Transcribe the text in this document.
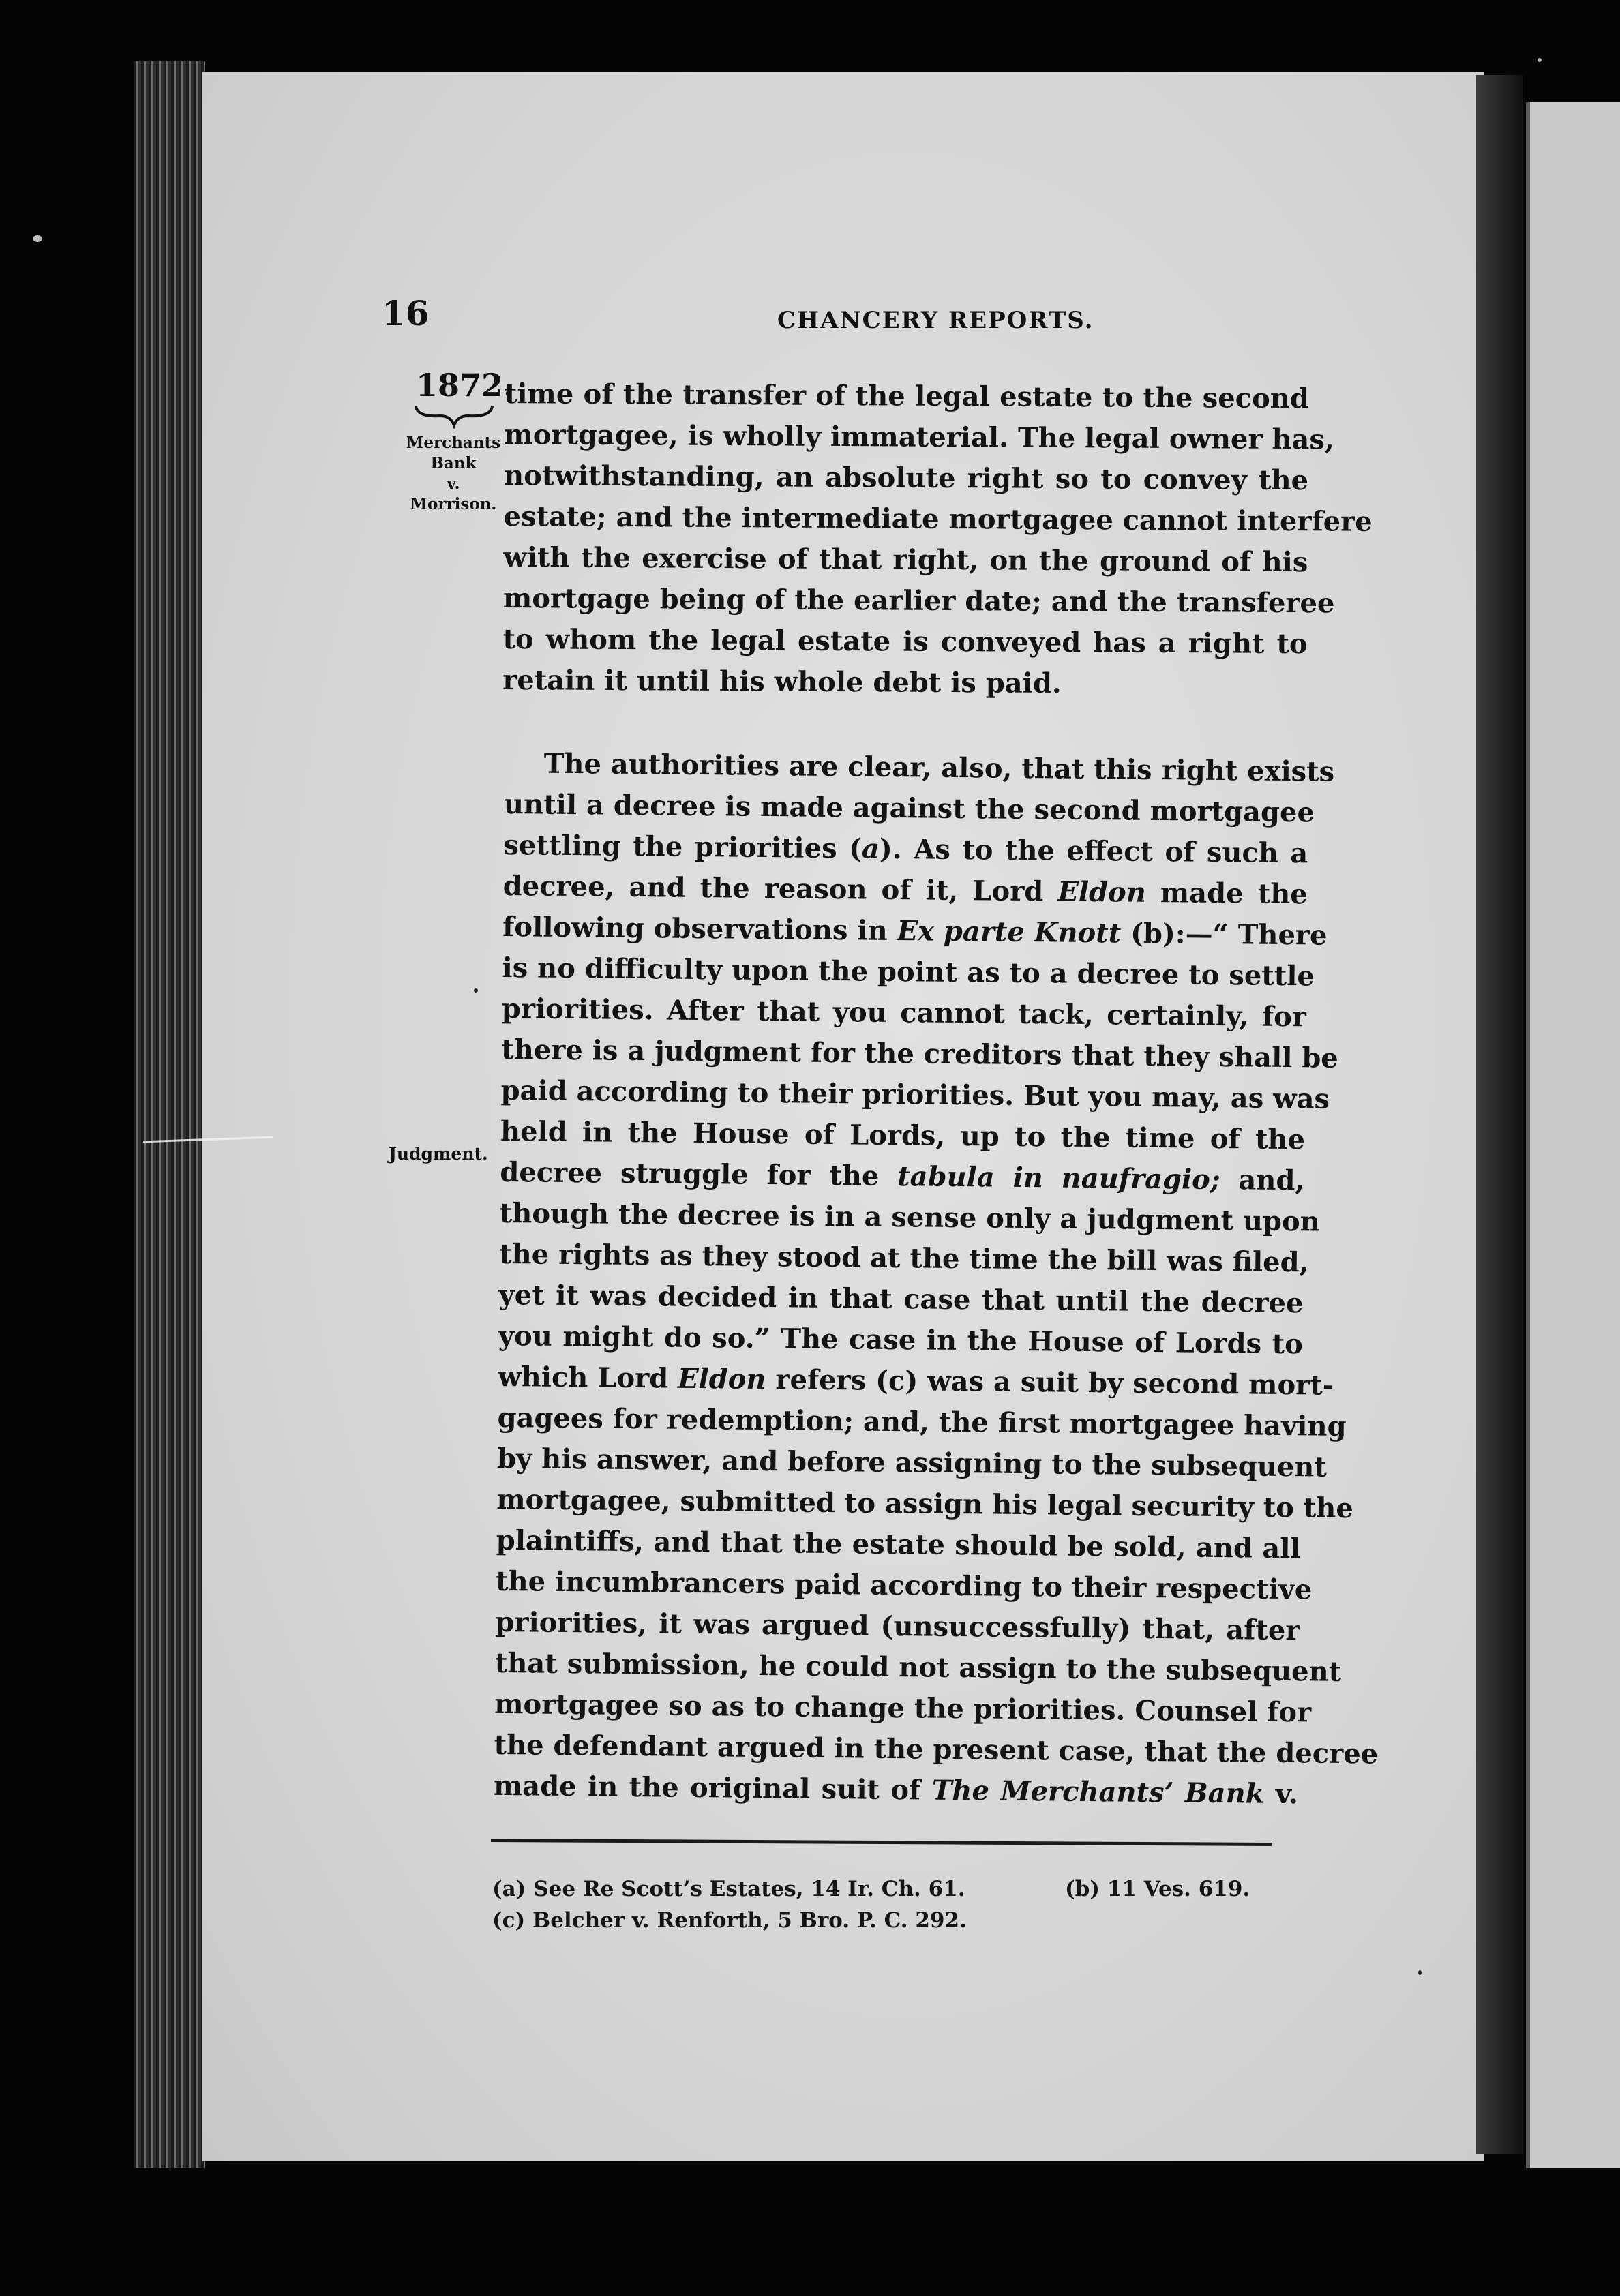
16	CHANCERY REPORTS.
1872.
Merchants
Bank
v.
Morrison.
Judgment.
time of the transfer of the legal estate to the second
mortgagee, is wholly immaterial. The legal owner has,
notwithstanding, an absolute right so to convey the
estate; and the intermediate mortgagee cannot interfere
with the exercise of that right, on the ground of his
mortgage being of the earlier date; and the transferee
to whom the legal estate is conveyed has a right to
retain it until his whole debt is paid.
The authorities are clear, also, that this right exists
until a decree is made against the second mortgagee
settling the priorities (a). As to the effect of such a
decree, and the reason of it, Lord Eldon made the
following observations in Ex parte Knott (b):—“ There
is no difficulty upon the point as to a decree to settle
priorities. After that you cannot tack, certainly, for
there is a judgment for the creditors that they shall be
paid according to their priorities. But you may, as was
held in the House of Lords, up to the time of the
decree struggle for the tabula in naufragio; and,
though the decree is in a sense only a judgment upon
the rights as they stood at the time the bill was filed,
yet it was decided in that case that until the decree
you might do so.” The case in the House of Lords to
which Lord Eldon refers (c) was a suit by second mort-
gagees for redemption; and, the first mortgagee having
by his answer, and before assigning to the subsequent
mortgagee, submitted to assign his legal security to the
plaintiffs, and that the estate should be sold, and all
the incumbrancers paid according to their respective
priorities, it was argued (unsuccessfully) that, after
that submission, he could not assign to the subsequent
mortgagee so as to change the priorities. Counsel for
the defendant argued in the present case, that the decree
made in the original suit of The Merchants’ Bank v.
(a) See Re Scott’s Estates, 14 Ir. Ch. 61.	(b) 11 Ves. 619.
(c) Belcher v. Renforth, 5 Bro. P. C. 292.
